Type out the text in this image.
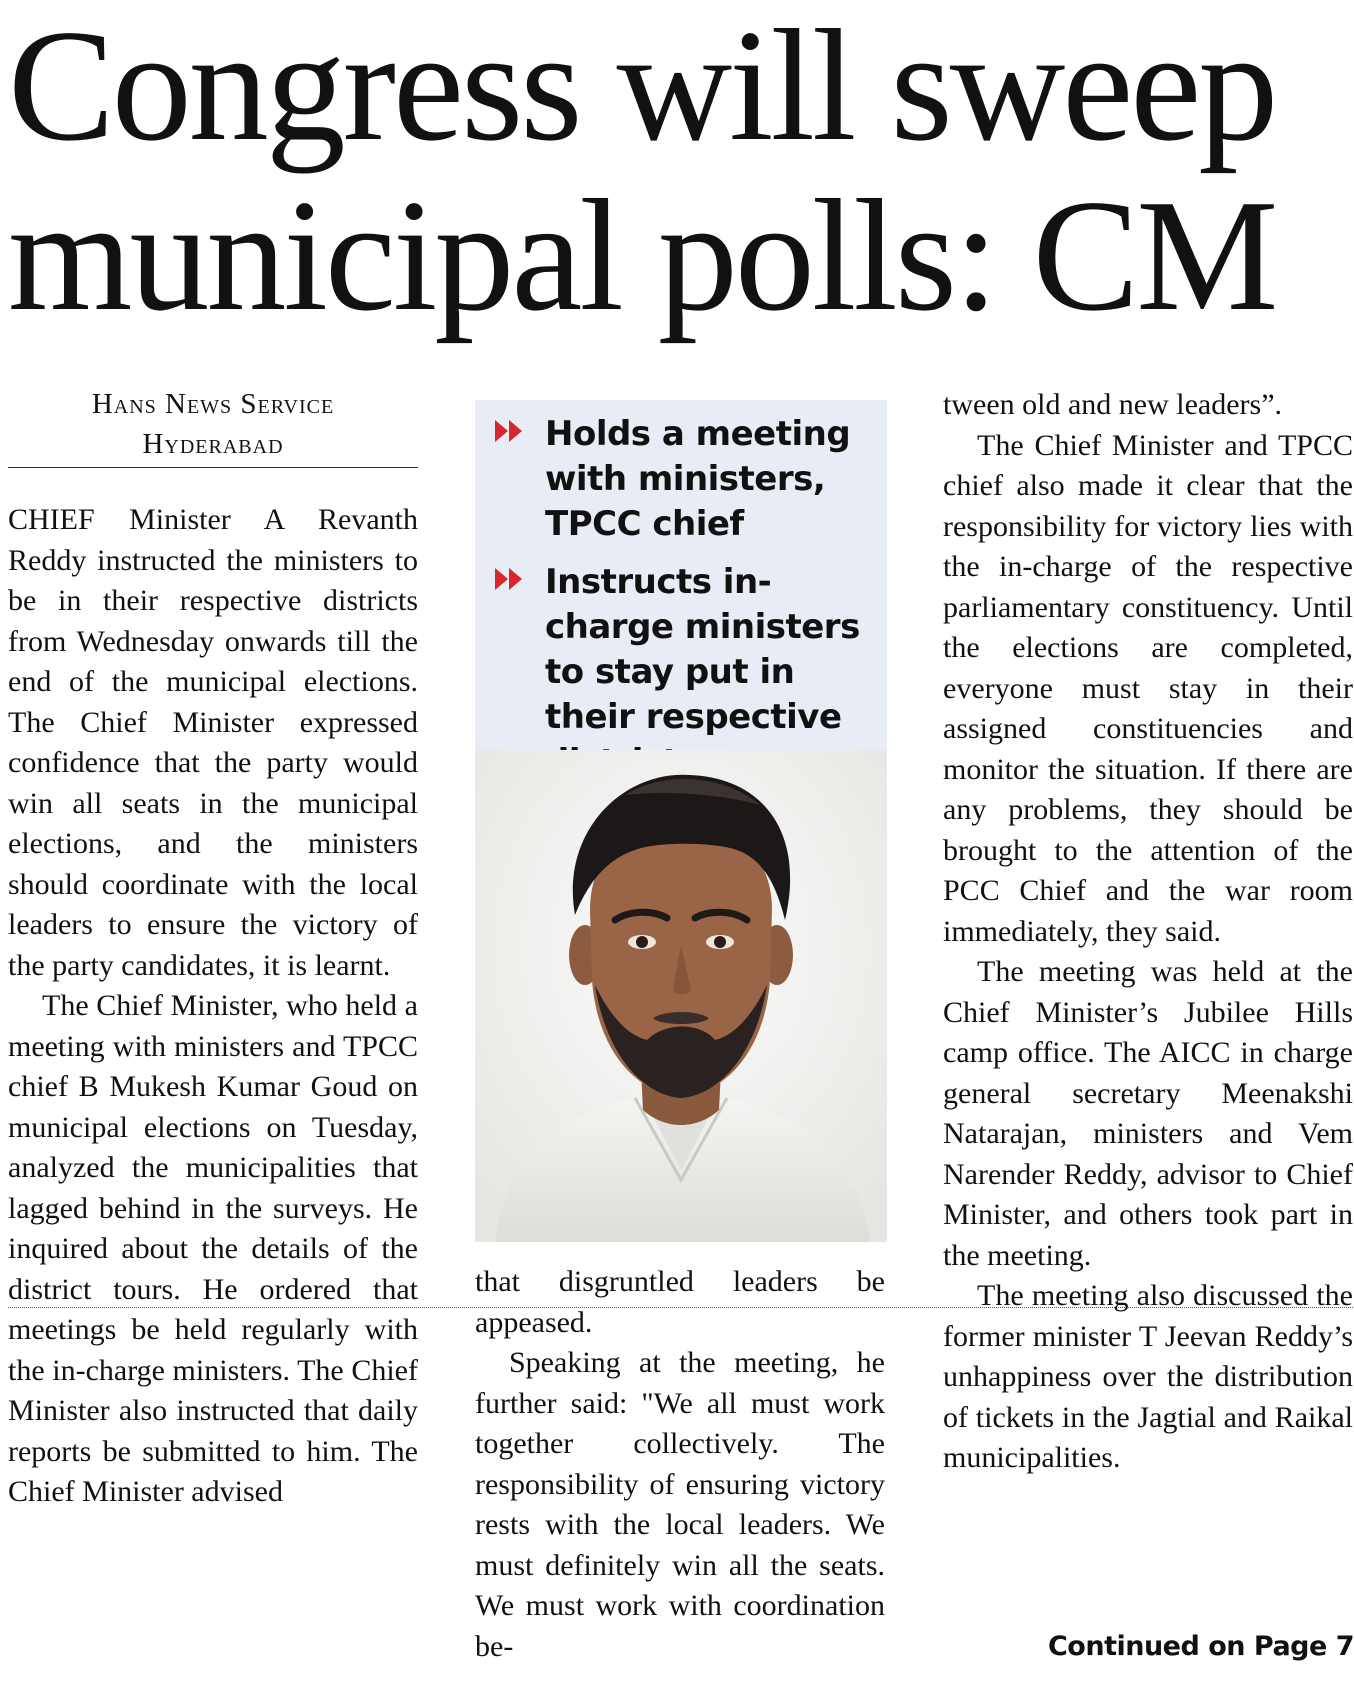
Congress will sweep
municipal polls: CM
Hans News Service
Hyderabad

CHIEF Minister A Revanth Reddy instructed the ministers to be in their respective districts from Wednesday onwards till the end of the municipal elections. The Chief Minister expressed confidence that the party would win all seats in the municipal elections, and the ministers should coordinate with the local leaders to ensure the victory of the party candidates, it is learnt.

The Chief Minister, who held a meeting with ministers and TPCC chief B Mukesh Kumar Goud on municipal elections on Tuesday, analyzed the municipalities that lagged behind in the surveys. He inquired about the details of the district tours. He ordered that meetings be held regularly with the in-charge ministers. The Chief Minister also instructed that daily reports be submitted to him. The Chief Minister advised

Holds a meeting with ministers, TPCC chief
Instructs in-charge ministers to stay put in their respective

that disgruntled leaders be appeased.

Speaking at the meeting, he further said: "We all must work together collectively. The responsibility of ensuring victory rests with the local leaders. We must definitely win all the seats. We must work with coordination be-

tween old and new leaders”.

The Chief Minister and TPCC chief also made it clear that the responsibility for victory lies with the in-charge of the respective parliamentary constituency. Until the elections are completed, everyone must stay in their assigned constituencies and monitor the situation. If there are any problems, they should be brought to the attention of the PCC Chief and the war room immediately, they said.

The meeting was held at the Chief Minister’s Jubilee Hills camp office. The AICC in charge general secretary Meenakshi Natarajan, ministers and Vem Narender Reddy, advisor to Chief Minister, and others took part in the meeting.

The meeting also discussed the former minister T Jeevan Reddy’s unhappiness over the distribution of tickets in the Jagtial and Raikal municipalities.

Continued on Page 7
